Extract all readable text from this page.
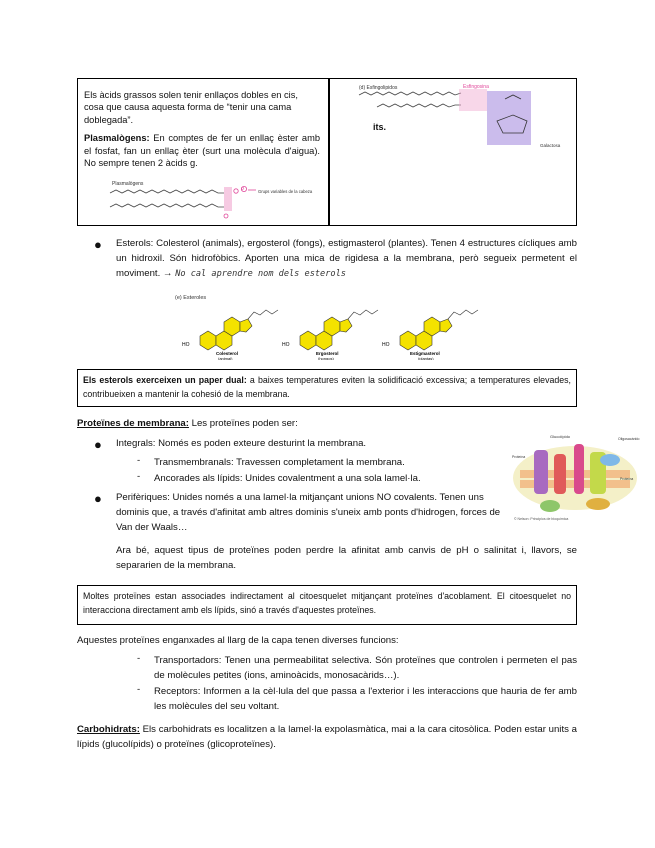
Els àcids grassos solen tenir enllaços dobles en cis, cosa que causa aquesta forma de “tenir una cama doblegada”.

Plasmalògens: En comptes de fer un enllaç èster amb el fosfat, fan un enllaç èter (surt una molècula d'aigua). No sempre tenen 2 àcids g.

Plasmalògens
P	Grups variables de la cabeza
(d) Esfingolipidos	Esfingosina
Galactosa
its.
● Esterols: Colesterol (animals), ergosterol (fongs), estigmasterol (plantes). Tenen 4 estructures cícliques amb un hidroxil. Són hidrofòbics. Aporten una mica de rigidesa a la membrana, però segueix permetent el moviment. → No cal aprendre nom dels esterols
(e) Esteroles
HO
Colesterol
(animal)
HO
Ergosterol
(hongos)
HO
Estigmasterol
(plantas)
Els esterols exerceixen un paper dual: a baixes temperatures eviten la solidificació excessiva; a temperatures elevades, contribueixen a mantenir la cohesió de la membrana.
Proteïnes de membrana: Les proteïnes poden ser:
● Integrals: Només es poden exteure desturint la membrana.
- Transmembranals: Travessen completament la membrana.
- Ancorades als lípids: Unides covalentment a una sola lamel·la.
● Perifèriques: Unides només a una lamel·la mitjançant unions NO covalents. Tenen uns dominis que, a través d'afinitat amb altres dominis s'uneix amb ponts d'hidrogen, forces de Van der Waals…
Glucolípido	Oligosacárido
Proteína
Proteína
© Nelson: Principios de bioquímica
Ara bé, aquest tipus de proteïnes poden perdre la afinitat amb canvis de pH o salinitat i, llavors, se separarien de la membrana.
Moltes proteïnes estan associades indirectament al citoesquelet mitjançant proteïnes d'acoblament. El citoesquelet no interacciona directament amb els lípids, sinó a través d'aquestes proteïnes.
Aquestes proteïnes enganxades al llarg de la capa tenen diverses funcions:
- Transportadors: Tenen una permeabilitat selectiva. Són proteïnes que controlen i permeten el pas de molècules petites (ions, aminoàcids, monosacàrids…).
- Receptors: Informen a la cèl·lula del que passa a l'exterior i les interaccions que hauria de fer amb les molècules del seu voltant.
Carbohidrats: Els carbohidrats es localitzen a la lamel·la expolasmàtica, mai a la cara citosòlica. Poden estar units a lípids (glucolípids) o proteïnes (glicoproteïnes).
